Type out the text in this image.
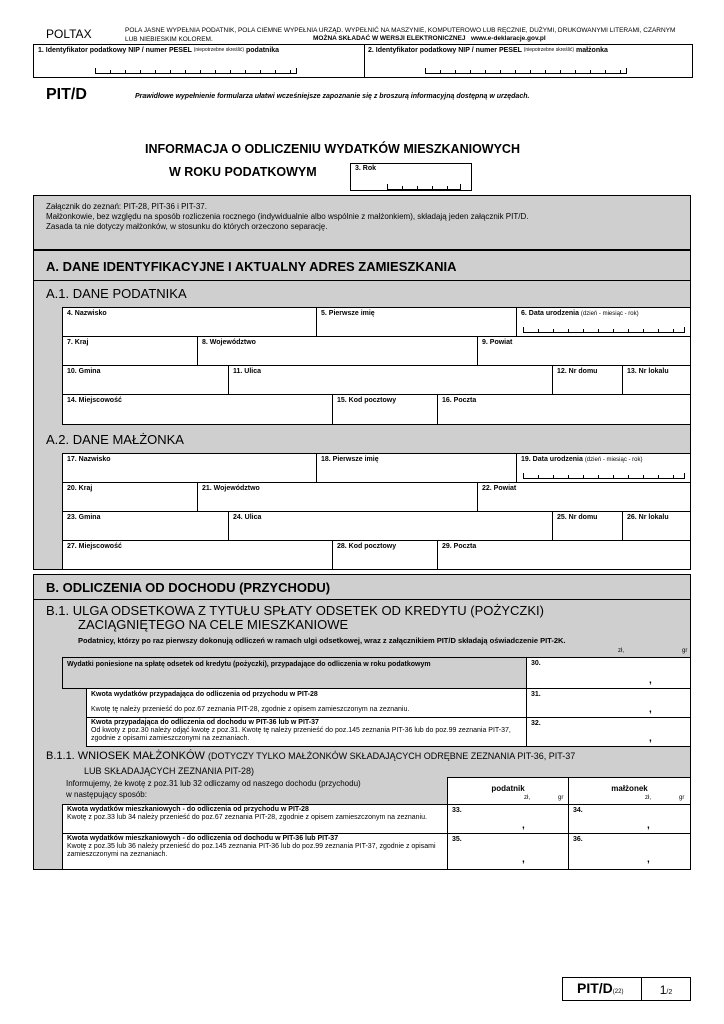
POLTAX	POLA JASNE WYPEŁNIA PODATNIK, POLA CIEMNE WYPEŁNIA URZĄD. WYPEŁNIĆ NA MASZYNIE, KOMPUTEROWO LUB RĘCZNIE, DUŻYMI, DRUKOWANYMI LITERAMI, CZARNYM LUB NIEBIESKIM KOLOREM.	MOŻNA SKŁADAĆ W WERSJI ELEKTRONICZNEJ www.e-deklaracje.gov.pl
1. Identyfikator podatkowy NIP / numer PESEL $^{(niepotrzebne skreślić)}$ podatnika	2. Identyfikator podatkowy NIP / numer PESEL $^{(niepotrzebne skreślić)}$ małżonka
PIT/D	Prawidłowe wypełnienie formularza ułatwi wcześniejsze zapoznanie się z broszurą informacyjną dostępną w urzędach.
INFORMACJA O ODLICZENIU WYDATKÓW MIESZKANIOWYCH
W ROKU PODATKOWYM	3. Rok
Załącznik do zeznań: PIT-28, PIT-36 i PIT-37.
Małżonkowie, bez względu na sposób rozliczenia rocznego (indywidualnie albo wspólnie z małżonkiem), składają jeden załącznik PIT/D.
Zasada ta nie dotyczy małżonków, w stosunku do których orzeczono separację.
A. DANE IDENTYFIKACYJNE I AKTUALNY ADRES ZAMIESZKANIA
A.1. DANE PODATNIKA
4. Nazwisko	5. Pierwsze imię	6. Data urodzenia (dzień - miesiąc - rok)
7. Kraj	8. Województwo	9. Powiat
10. Gmina	11. Ulica	12. Nr domu	13. Nr lokalu
14. Miejscowość	15. Kod pocztowy	16. Poczta
A.2. DANE MAŁŻONKA
17. Nazwisko	18. Pierwsze imię	19. Data urodzenia (dzień - miesiąc - rok)
20. Kraj	21. Województwo	22. Powiat
23. Gmina	24. Ulica	25. Nr domu	26. Nr lokalu
27. Miejscowość	28. Kod pocztowy	29. Poczta
B. ODLICZENIA OD DOCHODU (PRZYCHODU)
B.1. ULGA ODSETKOWA Z TYTUŁU SPŁATY ODSETEK OD KREDYTU (POŻYCZKI)
ZACIĄGNIĘTEGO NA CELE MIESZKANIOWE
Podatnicy, którzy po raz pierwszy dokonują odliczeń w ramach ulgi odsetkowej, wraz z załącznikiem PIT/D składają oświadczenie PIT-2K.
zł,	gr
Wydatki poniesione na spłatę odsetek od kredytu (pożyczki), przypadające do odliczenia w roku podatkowym	30.
,
Kwota wydatków przypadająca do odliczenia od przychodu w PIT-28
Kwotę tę należy przenieść do poz.67 zeznania PIT-28, zgodnie z opisem zamieszczonym na zeznaniu.
31.
,
Kwota przypadająca do odliczenia od dochodu w PIT-36 lub w PIT-37
Od kwoty z poz.30 należy odjąć kwotę z poz.31. Kwotę tę należy przenieść do poz.145 zeznania PIT-36 lub do poz.99 zeznania PIT-37, zgodnie z opisami zamieszczonymi na zeznaniach.
32.
,
B.1.1. WNIOSEK MAŁŻONKÓW (DOTYCZY TYLKO MAŁŻONKÓW SKŁADAJĄCYCH ODRĘBNE ZEZNANIA PIT-36, PIT-37
LUB SKŁADAJĄCYCH ZEZNANIA PIT-28)
Informujemy, że kwotę z poz.31 lub 32 odliczamy od naszego dochodu (przychodu)
w następujący sposób:
podatnik
zł,	gr
małżonek
zł,	gr
Kwota wydatków mieszkaniowych - do odliczenia od przychodu w PIT-28
Kwotę z poz.33 lub 34 należy przenieść do poz.67 zeznania PIT-28, zgodnie z opisem zamieszczonym na zeznaniu.
33.
,
34.
,
Kwota wydatków mieszkaniowych - do odliczenia od dochodu w PIT-36 lub PIT-37
Kwotę z poz.35 lub 36 należy przenieść do poz.145 zeznania PIT-36 lub do poz.99 zeznania PIT-37, zgodnie z opisami zamieszczonymi na zeznaniach.
35.
,
36.
,
PIT/D(22)	1/2
